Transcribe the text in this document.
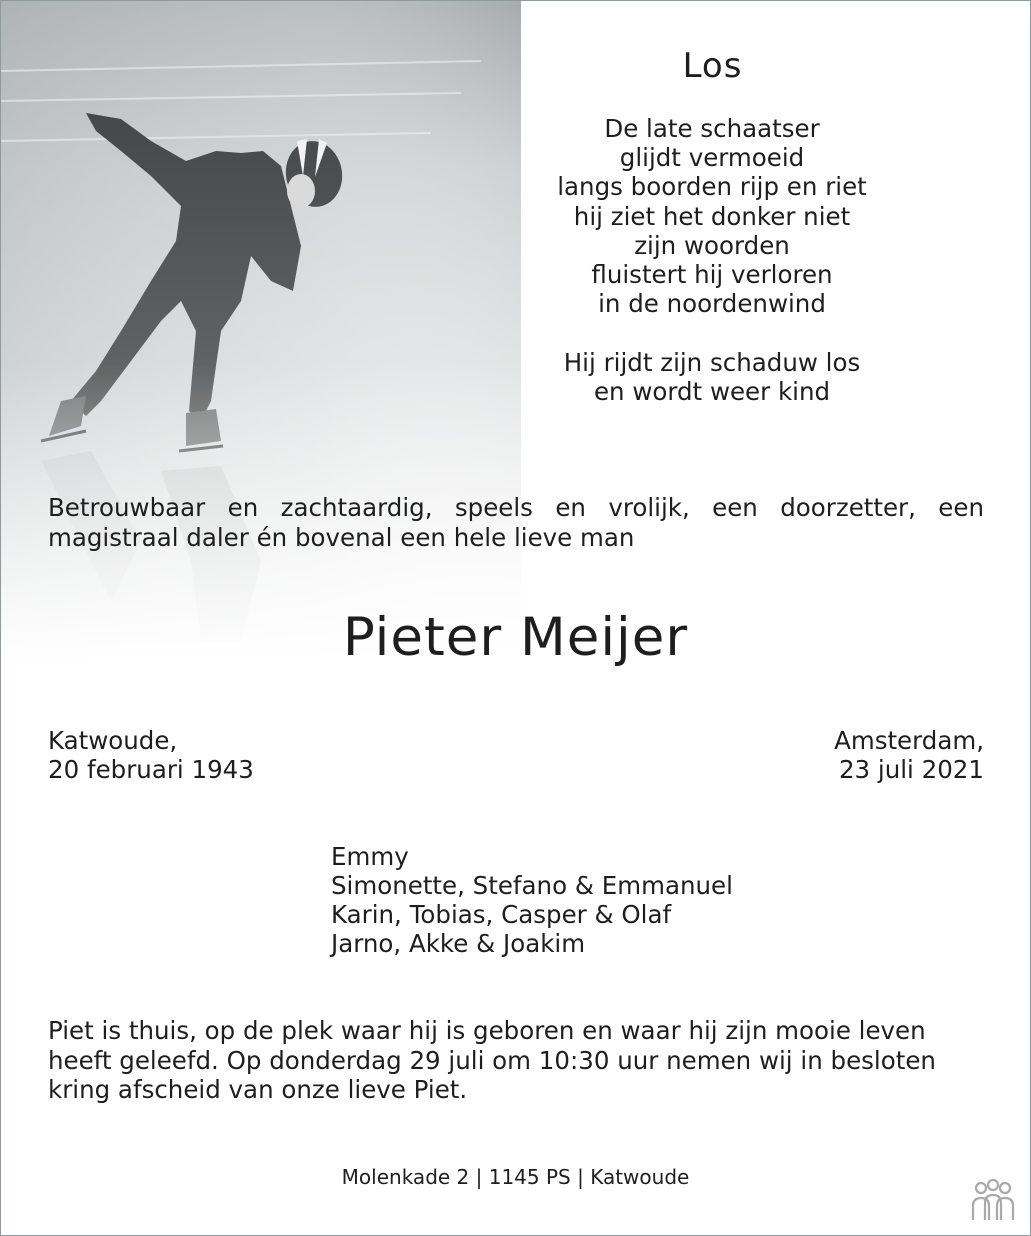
Los
De late schaatser
glijdt vermoeid
langs boorden rijp en riet
hij ziet het donker niet
zijn woorden
fluistert hij verloren
in de noordenwind
Hij rijdt zijn schaduw los
en wordt weer kind
Betrouwbaar en zachtaardig, speels en vrolijk, een doorzetter, een magistraal daler én bovenal een hele lieve man
Pieter Meijer
Katwoude,
20 februari 1943
Amsterdam,
23 juli 2021
Emmy
Simonette, Stefano & Emmanuel
Karin, Tobias, Casper & Olaf
Jarno, Akke & Joakim
Piet is thuis, op de plek waar hij is geboren en waar hij zijn mooie leven heeft geleefd. Op donderdag 29 juli om 10:30 uur nemen wij in besloten kring afscheid van onze lieve Piet.
Molenkade 2 | 1145 PS | Katwoude
